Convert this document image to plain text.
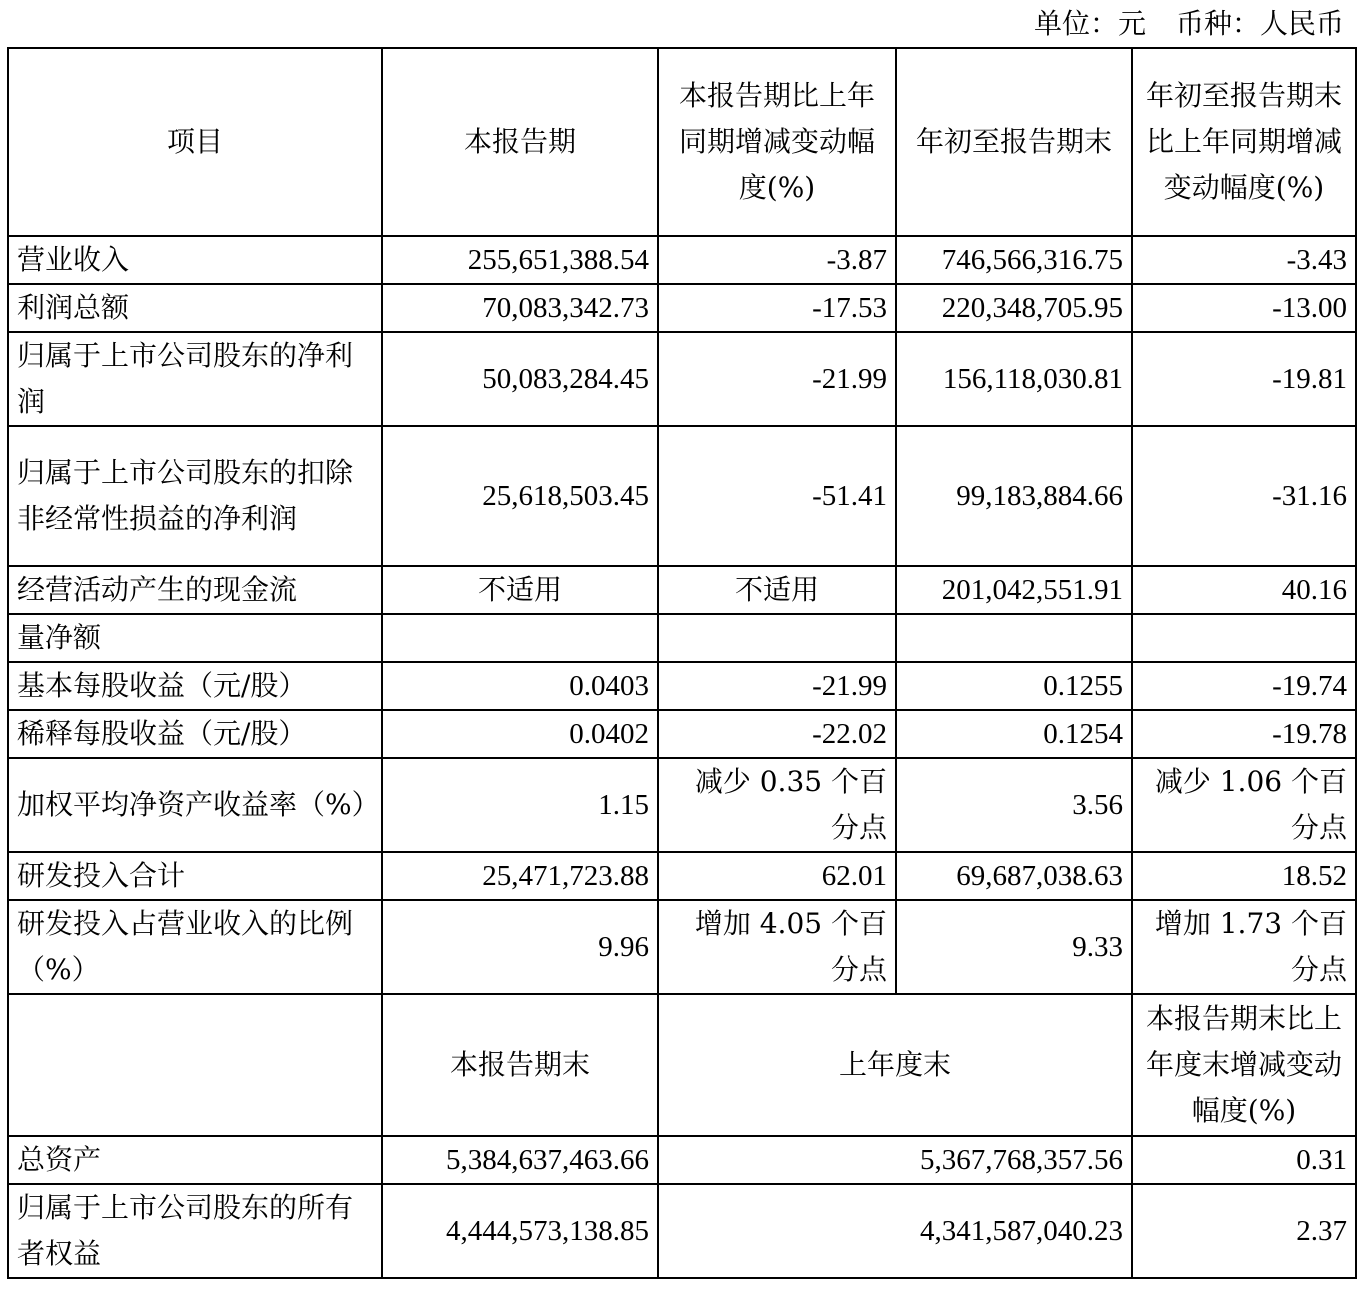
单位：元 币种：人民币
项目	本报告期	本报告期比上年同期增减变动幅度(%)	年初至报告期末	年初至报告期末比上年同期增减变动幅度(%)
营业收入	255,651,388.54	-3.87	746,566,316.75	-3.43
利润总额	70,083,342.73	-17.53	220,348,705.95	-13.00
归属于上市公司股东的净利润	50,083,284.45	-21.99	156,118,030.81	-19.81
归属于上市公司股东的扣除非经常性损益的净利润	25,618,503.45	-51.41	99,183,884.66	-31.16
经营活动产生的现金流	不适用	不适用	201,042,551.91	40.16
量净额				
基本每股收益（元/股）	0.0403	-21.99	0.1255	-19.74
稀释每股收益（元/股）	0.0402	-22.02	0.1254	-19.78
加权平均净资产收益率（%）	1.15	减少 0.35 个百分点	3.56	减少 1.06 个百分点
研发投入合计	25,471,723.88	62.01	69,687,038.63	18.52
研发投入占营业收入的比例（%）	9.96	增加 4.05 个百分点	9.33	增加 1.73 个百分点
	本报告期末	上年度末		本报告期末比上年度末增减变动幅度(%)
总资产	5,384,637,463.66	5,367,768,357.56		0.31
归属于上市公司股东的所有者权益	4,444,573,138.85	4,341,587,040.23		2.37
